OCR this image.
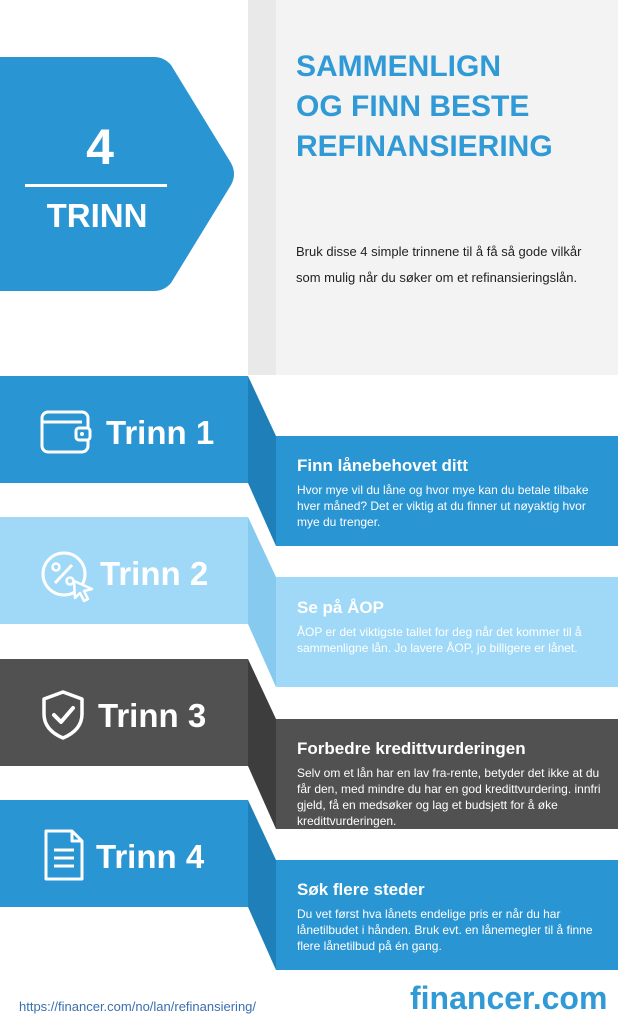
4
TRINN
SAMMENLIGN
OG FINN BESTE
REFINANSIERING
Bruk disse 4 simple trinnene til å få så gode vilkår som mulig når du søker om et refinansieringslån.
Trinn 1
Finn lånebehovet ditt
Hvor mye vil du låne og hvor mye kan du betale tilbake hver måned? Det er viktig at du finner ut nøyaktig hvor mye du trenger.
Trinn 2
Se på ÅOP
ÅOP er det viktigste tallet for deg når det kommer til å sammenligne lån. Jo lavere ÅOP, jo billigere er lånet.
Trinn 3
Forbedre kredittvurderingen
Selv om et lån har en lav fra-rente, betyder det ikke at du får den, med mindre du har en god kredittvurdering. innfri gjeld, få en medsøker og lag et budsjett for å øke kredittvurderingen.
Trinn 4
Søk flere steder
Du vet først hva lånets endelige pris er når du har lånetilbudet i hånden. Bruk evt. en lånemegler til å finne flere lånetilbud på én gang.
https://financer.com/no/lan/refinansiering/	financer.com
